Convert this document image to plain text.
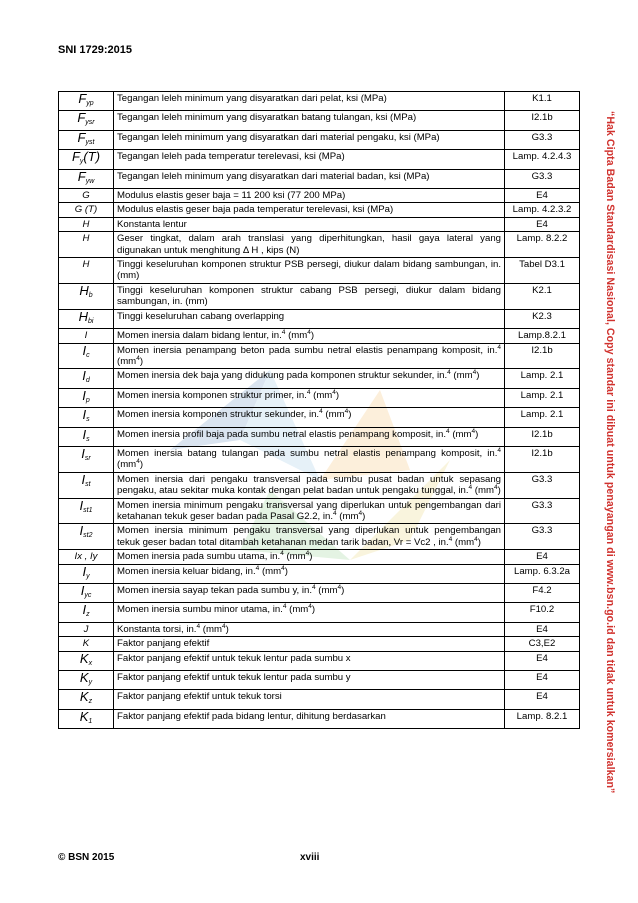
SNI 1729:2015
$F_{yp}$	Tegangan leleh minimum yang disyaratkan dari pelat, ksi (MPa)	K1.1
$F_{ysr}$	Tegangan leleh minimum yang disyaratkan batang tulangan, ksi (MPa)	I2.1b
$F_{yst}$	Tegangan leleh minimum yang disyaratkan dari material pengaku, ksi (MPa)	G3.3
$F_y(T)$	Tegangan leleh pada temperatur terelevasi, ksi (MPa)	Lamp. 4.2.4.3
$F_{yw}$	Tegangan leleh minimum yang disyaratkan dari material badan, ksi (MPa)	G3.3
G	Modulus elastis geser baja = 11 200 ksi (77 200 MPa)	E4
G (T)	Modulus elastis geser baja pada temperatur terelevasi, ksi (MPa)	Lamp. 4.2.3.2
H	Konstanta lentur	E4
H	Geser tingkat, dalam arah translasi yang diperhitungkan, hasil gaya lateral yang digunakan untuk menghitung Δ H , kips (N)	Lamp. 8.2.2
H	Tinggi keseluruhan komponen struktur PSB persegi, diukur dalam bidang sambungan, in. (mm)	Tabel D3.1
$H_b$	Tinggi keseluruhan komponen struktur cabang PSB persegi, diukur dalam bidang sambungan, in. (mm)	K2.1
$H_{bi}$	Tinggi keseluruhan cabang overlapping	K2.3
I	Momen inersia dalam bidang lentur, in.$^4$ $(mm^4)$	Lamp.8.2.1
$I_c$	Momen inersia penampang beton pada sumbu netral elastis penampang komposit, in.$^4$ $(mm^4)$	I2.1b
$I_d$	Momen inersia dek baja yang didukung pada komponen struktur sekunder, in.$^4$ $(mm^4)$	Lamp. 2.1
$I_p$	Momen inersia komponen struktur primer, in.$^4$ $(mm^4)$	Lamp. 2.1
$I_s$	Momen inersia komponen struktur sekunder, in.$^4$ $(mm^4)$	Lamp. 2.1
$I_s$	Momen inersia profil baja pada sumbu netral elastis penampang komposit, in.$^4$ $(mm^4)$	I2.1b
$I_{sr}$	Momen inersia batang tulangan pada sumbu netral elastis penampang komposit, in.$^4$ $(mm^4)$	I2.1b
$I_{st}$	Momen inersia dari pengaku transversal pada sumbu pusat badan untuk sepasang pengaku, atau sekitar muka kontak dengan pelat badan untuk pengaku tunggal, in.$^4$ $(mm^4)$	G3.3
$I_{st1}$	Momen inersia minimum pengaku transversal yang diperlukan untuk pengembangan dari ketahanan tekuk geser badan pada Pasal G2.2, in.$^4$ $(mm^4)$	G3.3
$I_{st2}$	Momen inersia minimum pengaku transversal yang diperlukan untuk pengembangan tekuk geser badan total ditambah ketahanan medan tarik badan, Vr = Vc2 , in.$^4$ $(mm^4)$	G3.3
Ix , Iy	Momen inersia pada sumbu utama, in.$^4$ $(mm^4)$	E4
$I_y$	Momen inersia keluar bidang, in.$^4$ $(mm^4)$	Lamp. 6.3.2a
$I_{yc}$	Momen inersia sayap tekan pada sumbu y, in.$^4$ $(mm^4)$	F4.2
$I_z$	Momen inersia sumbu minor utama, in.$^4$ $(mm^4)$	F10.2
J	Konstanta torsi, in.$^4$ $(mm^4)$	E4
K	Faktor panjang efektif	C3,E2
$K_x$	Faktor panjang efektif untuk tekuk lentur pada sumbu x	E4
$K_y$	Faktor panjang efektif untuk tekuk lentur pada sumbu y	E4
$K_z$	Faktor panjang efektif untuk tekuk torsi	E4
$K_1$	Faktor panjang efektif pada bidang lentur, dihitung berdasarkan	Lamp. 8.2.1	“Hak Cipta Badan Standardisasi Nasional, Copy standar ini dibuat untuk penayangan di www.bsn.go.id dan tidak untuk komersialkan”
© BSN 2015	xviii
